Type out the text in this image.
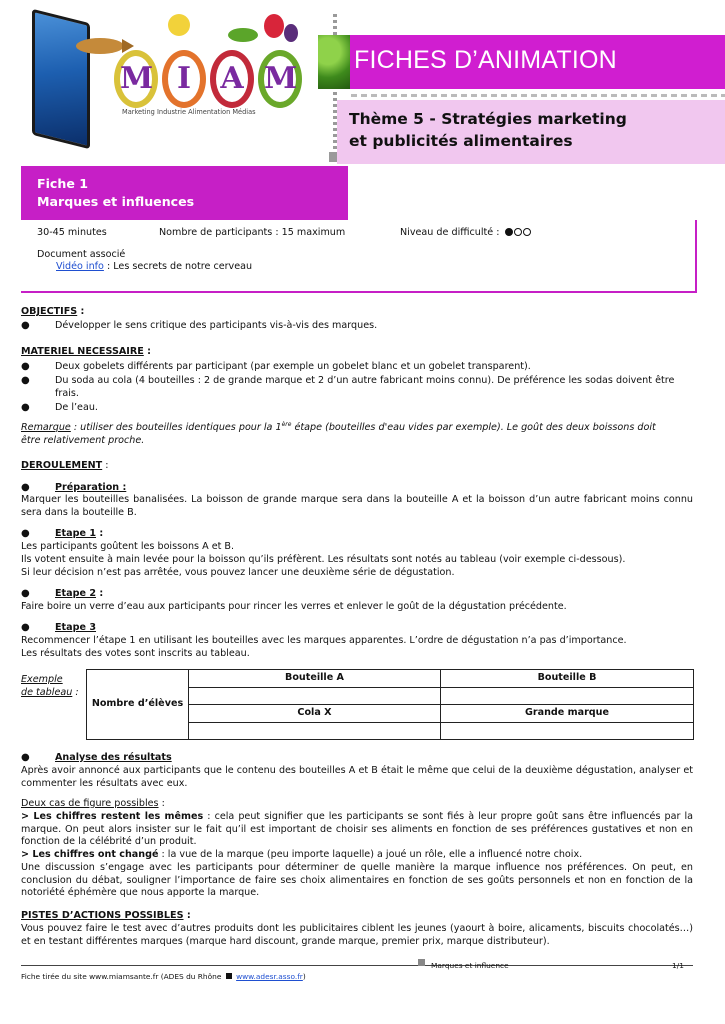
M I A M
Marketing Industrie Alimentation Médias
FICHES D’ANIMATION
Thème 5 - Stratégies marketing
et publicités alimentaires
Fiche 1
Marques et influences
30-45 minutes	Nombre de participants : 15 maximum	Niveau de difficulté :
Document associé
Vidéo info : Les secrets de notre cerveau
OBJECTIFS :
●	Développer le sens critique des participants vis-à-vis des marques.
MATERIEL NECESSAIRE :
●	Deux gobelets différents par participant (par exemple un gobelet blanc et un gobelet transparent).
●	Du soda au cola (4 bouteilles : 2 de grande marque et 2 d’un autre fabricant moins connu). De préférence les sodas doivent être
frais.
●	De l’eau.
Remarque : utiliser des bouteilles identiques pour la 1ère étape (bouteilles d'eau vides par exemple). Le goût des deux boissons doit
être relativement proche.
DEROULEMENT :
●	Préparation :
Marquer les bouteilles banalisées. La boisson de grande marque sera dans la bouteille A et la boisson d’un autre fabricant moins connu sera dans la bouteille B.
●	Etape 1 :
Les participants goûtent les boissons A et B.
Ils votent ensuite à main levée pour la boisson qu’ils préfèrent. Les résultats sont notés au tableau (voir exemple ci-dessous).
Si leur décision n’est pas arrêtée, vous pouvez lancer une deuxième série de dégustation.
●	Etape 2 :
Faire boire un verre d’eau aux participants pour rincer les verres et enlever le goût de la dégustation précédente.
●	Etape 3
Recommencer l’étape 1 en utilisant les bouteilles avec les marques apparentes. L’ordre de dégustation n’a pas d’importance.
Les résultats des votes sont inscrits au tableau.
Exemple
de tableau :
Nombre d’élèves	Bouteille A	Bouteille B

	Cola X	Grande marque

●	Analyse des résultats
Après avoir annoncé aux participants que le contenu des bouteilles A et B était le même que celui de la deuxième dégustation, analyser et commenter les résultats avec eux.
Deux cas de figure possibles :
> Les chiffres restent les mêmes : cela peut signifier que les participants se sont fiés à leur propre goût sans être influencés par la marque. On peut alors insister sur le fait qu’il est important de choisir ses aliments en fonction de ses préférences gustatives et non en fonction de la célébrité d’un produit.
> Les chiffres ont changé : la vue de la marque (peu importe laquelle) a joué un rôle, elle a influencé notre choix.
Une discussion s’engage avec les participants pour déterminer de quelle manière la marque influence nos préférences. On peut, en conclusion du débat, souligner l’importance de faire ses choix alimentaires en fonction de ses goûts personnels et non en fonction de la notoriété éphémère que nous apporte la marque.
PISTES D’ACTIONS POSSIBLES :
Vous pouvez faire le test avec d’autres produits dont les publicitaires ciblent les jeunes (yaourt à boire, alicaments, biscuits chocolatés…) et en testant différentes marques (marque hard discount, grande marque, premier prix, marque distributeur).
Marques et influence	1/1
Fiche tirée du site www.miamsante.fr (ADES du Rhône www.adesr.asso.fr)
